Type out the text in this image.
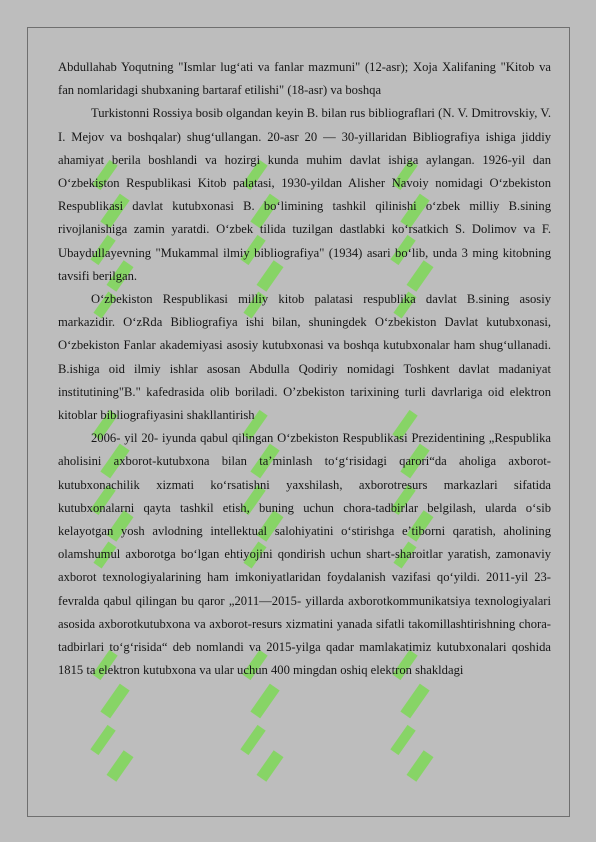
Abdullahab Yoqutning "Ismlar lug‘ati va fanlar mazmuni" (12-asr); Xoja Xalifaning "Kitob va fan nomlaridagi shubxaning bartaraf etilishi" (18-asr) va boshqa

Turkistonni Rossiya bosib olgandan keyin B. bilan rus bibliograflari (N. V. Dmitrovskiy, V. I. Mejov va boshqalar) shug‘ullangan. 20-asr 20 — 30-yillaridan Bibliografiya ishiga jiddiy ahamiyat berila boshlandi va hozirgi kunda muhim davlat ishiga aylangan. 1926-yil dan O‘zbekiston Respublikasi Kitob palatasi, 1930-yildan Alisher Navoiy nomidagi O‘zbekiston Respublikasi davlat kutubxonasi B. bo‘limining tashkil qilinishi o‘zbek milliy B.sining rivojlanishiga zamin yaratdi. O‘zbek tilida tuzilgan dastlabki ko‘rsatkich S. Dolimov va F. Ubaydullayevning "Mukammal ilmiy bibliografiya" (1934) asari bo‘lib, unda 3 ming kitobning tavsifi berilgan.

O‘zbekiston Respublikasi milliy kitob palatasi respublika davlat B.sining asosiy markazidir. O‘zRda Bibliografiya ishi bilan, shuningdek O‘zbekiston Davlat kutubxonasi, O‘zbekiston Fanlar akademiyasi asosiy kutubxonasi va boshqa kutubxonalar ham shug‘ullanadi. B.ishiga oid ilmiy ishlar asosan Abdulla Qodiriy nomidagi Toshkent davlat madaniyat institutining"B." kafedrasida olib boriladi. O’zbekiston tarixining turli davrlariga oid elektron kitoblar bibliografiyasini shakllantirish

2006- yil 20- iyunda qabul qilingan O‘zbekiston Respublikasi Prezidentining „Respublika aholisini axborot-kutubxona bilan ta’minlash to‘g‘risidagi qarori“da aholiga axborot-kutubxonachilik xizmati ko‘rsatishni yaxshilash, axborotresurs markazlari sifatida kutubxonalarni qayta tashkil etish, buning uchun chora-tadbirlar belgilash, ularda o‘sib kelayotgan yosh avlodning intellektual salohiyatini o‘stirishga e’tiborni qaratish, aholining olamshumul axborotga bo‘lgan ehtiyojini qondirish uchun shart-sharoitlar yaratish, zamonaviy axborot texnologiyalarining ham imkoniyatlaridan foydalanish vazifasi qo‘yildi. 2011-yil 23-fevralda qabul qilingan bu qaror „2011—2015- yillarda axborotkommunikatsiya texnologiyalari asosida axborotkutubxona va axborot-resurs xizmatini yanada sifatli takomillashtirishning chora-tadbirlari to‘g‘risida“ deb nomlandi va 2015-yilga qadar mamlakatimiz kutubxonalari qoshida 1815 ta elektron kutubxona va ular uchun 400 mingdan oshiq elektron shakldagi
